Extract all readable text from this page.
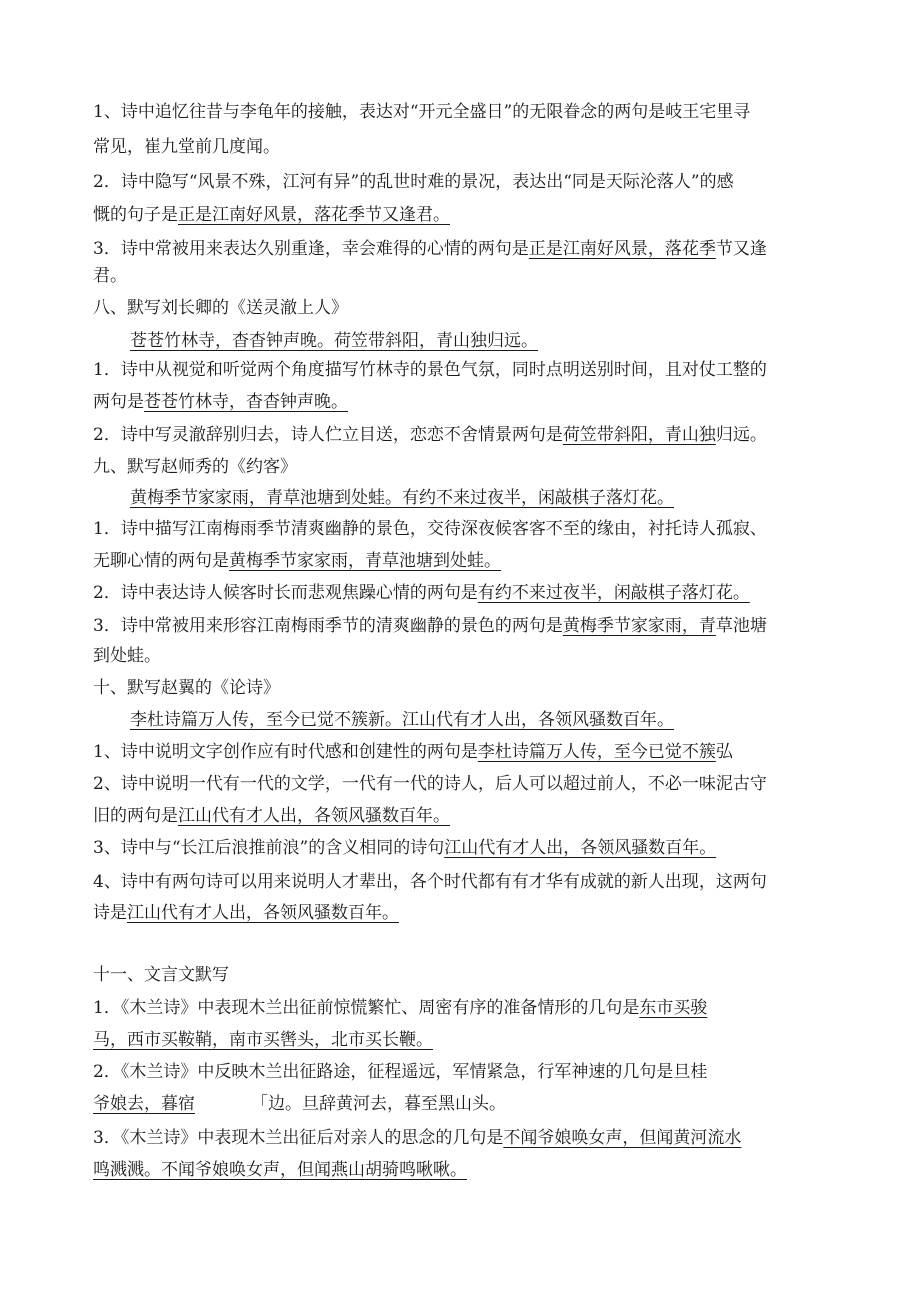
1、诗中追忆往昔与李龟年的接触，表达对“开元全盛日”的无限眷念的两句是岐王宅里寻
常见，崔九堂前几度闻。
2．诗中隐写“风景不殊，江河有异”的乱世时难的景况，表达出“同是天际沦落人”的感
慨的句子是正是江南好风景，落花季节又逢君。
3．诗中常被用来表达久别重逢，幸会难得的心情的两句是正是江南好风景，落花季节又逢
君。
八、默写刘长卿的《送灵澈上人》
苍苍竹林寺，杳杳钟声晚。荷笠带斜阳，青山独归远。
1．诗中从视觉和听觉两个角度描写竹林寺的景色气氛，同时点明送别时间，且对仗工整的
两句是苍苍竹林寺，杳杳钟声晚。
2．诗中写灵澈辞别归去，诗人伫立目送，恋恋不舍情景两句是荷笠带斜阳，青山独归远。
九、默写赵师秀的《约客》
黄梅季节家家雨，青草池塘到处蛙。有约不来过夜半，闲敲棋子落灯花。
1．诗中描写江南梅雨季节清爽幽静的景色，交待深夜候客客不至的缘由，衬托诗人孤寂、
无聊心情的两句是黄梅季节家家雨，青草池塘到处蛙。
2．诗中表达诗人候客时长而悲观焦躁心情的两句是有约不来过夜半，闲敲棋子落灯花。
3．诗中常被用来形容江南梅雨季节的清爽幽静的景色的两句是黄梅季节家家雨，青草池塘
到处蛙。
十、默写赵翼的《论诗》
李杜诗篇万人传，至今已觉不簇新。江山代有才人出，各领风骚数百年。
1、诗中说明文字创作应有时代感和创建性的两句是李杜诗篇万人传，至今已觉不簇弘
2、诗中说明一代有一代的文学，一代有一代的诗人，后人可以超过前人，不必一味泥古守
旧的两句是江山代有才人出，各领风骚数百年。
3、诗中与“长江后浪推前浪”的含义相同的诗句江山代有才人出，各领风骚数百年。
4、诗中有两句诗可以用来说明人才辈出，各个时代都有有才华有成就的新人出现，这两句
诗是江山代有才人出，各领风骚数百年。
十一、文言文默写
1．《木兰诗》中表现木兰出征前惊慌繁忙、周密有序的准备情形的几句是东市买骏
马，西市买鞍鞘，南市买辔头，北市买长鞭。
2．《木兰诗》中反映木兰出征路途，征程遥远，军情紧急，行军神速的几句是旦桂
爷娘去，暮宿	「边。旦辞黄河去，暮至黑山头。
3．《木兰诗》中表现木兰出征后对亲人的思念的几句是不闻爷娘唤女声，但闻黄河流水
鸣溅溅。不闻爷娘唤女声，但闻燕山胡骑鸣啾啾。
